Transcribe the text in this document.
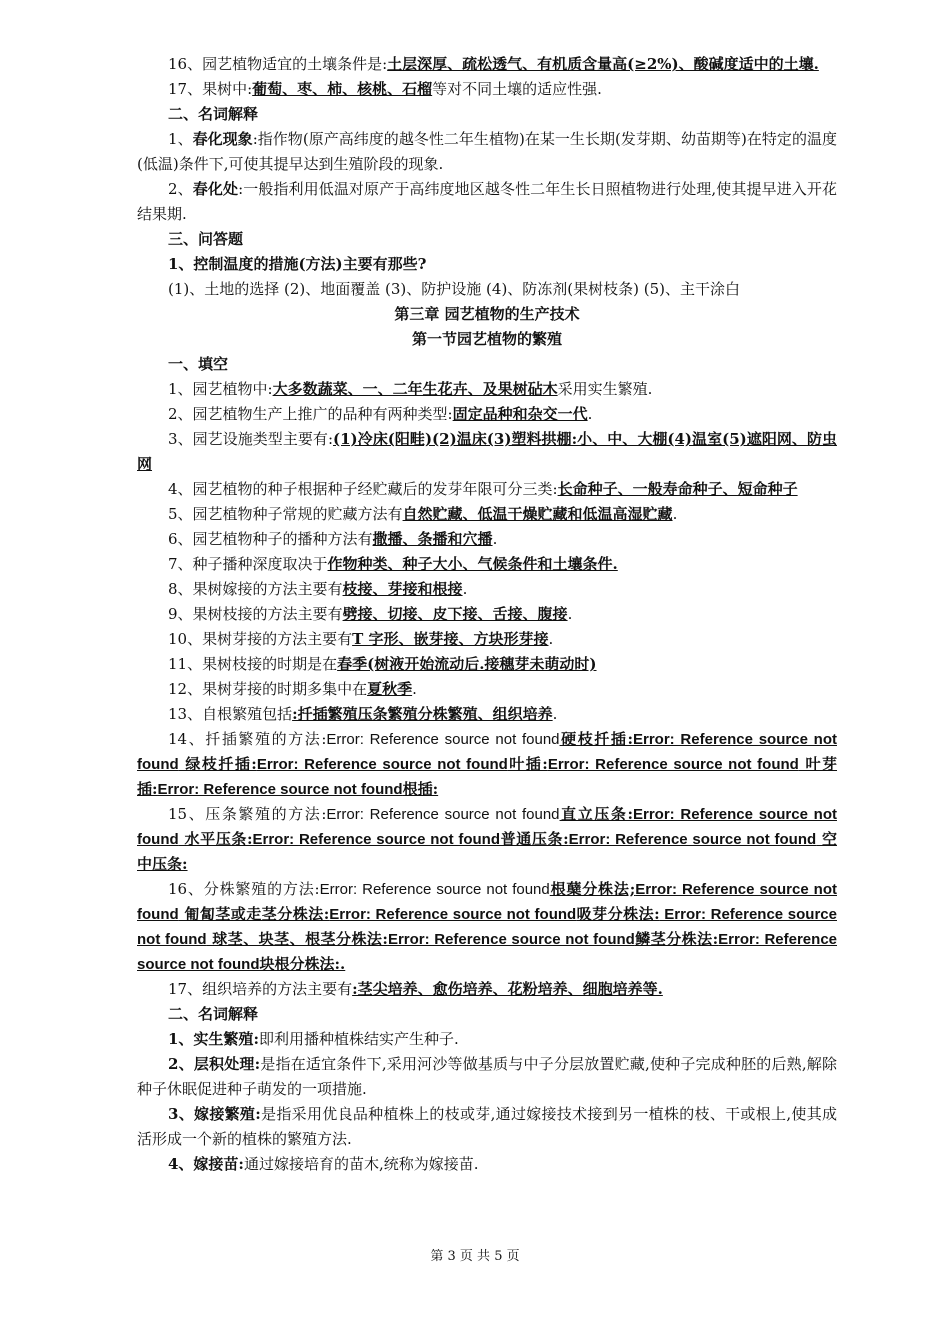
16、园艺植物适宜的土壤条件是:土层深厚、疏松透气、有机质含量高(≥2%)、酸碱度适中的土壤.

17、果树中:葡萄、枣、柿、核桃、石榴等对不同土壤的适应性强.

二、名词解释

1、春化现象:指作物(原产高纬度的越冬性二年生植物)在某一生长期(发芽期、幼苗期等)在特定的温度(低温)条件下,可使其提早达到生殖阶段的现象.

2、春化处:一般指利用低温对原产于高纬度地区越冬性二年生长日照植物进行处理,使其提早进入开花结果期.

三、问答题

1、控制温度的措施(方法)主要有那些?

(1)、土地的选择 (2)、地面覆盖 (3)、防护设施 (4)、防冻剂(果树枝条) (5)、主干涂白

第三章 园艺植物的生产技术

第一节园艺植物的繁殖

一、填空

1、园艺植物中:大多数蔬菜、一、二年生花卉、及果树砧木采用实生繁殖.

2、园艺植物生产上推广的品种有两种类型:固定品种和杂交一代.

3、园艺设施类型主要有:(1)冷床(阳畦)(2)温床(3)塑料拱棚:小、中、大棚(4)温室(5)遮阳网、防虫网

4、园艺植物的种子根据种子经贮藏后的发芽年限可分三类:长命种子、一般寿命种子、短命种子

5、园艺植物种子常规的贮藏方法有自然贮藏、低温干燥贮藏和低温高湿贮藏.

6、园艺植物种子的播种方法有撒播、条播和穴播.

7、种子播种深度取决于作物种类、种子大小、气候条件和土壤条件.

8、果树嫁接的方法主要有枝接、芽接和根接.

9、果树枝接的方法主要有劈接、切接、皮下接、舌接、腹接.

10、果树芽接的方法主要有T 字形、嵌芽接、方块形芽接.

11、果树枝接的时期是在春季(树液开始流动后.接穗芽未萌动时)

12、果树芽接的时期多集中在夏秋季.

13、自根繁殖包括:扦插繁殖压条繁殖分株繁殖、组织培养.

14、扦插繁殖的方法:Error: Reference source not found硬枝扦插:Error: Reference source not found 绿枝扦插:Error: Reference source not found叶插:Error: Reference source not found 叶芽插:Error: Reference source not found根插:

15、压条繁殖的方法:Error: Reference source not found直立压条:Error: Reference source not found 水平压条:Error: Reference source not found普通压条:Error: Reference source not found 空中压条:

16、分株繁殖的方法:Error: Reference source not found根蘖分株法;Error: Reference source not found 匍匐茎或走茎分株法:Error: Reference source not found吸芽分株法: Error: Reference source not found 球茎、块茎、根茎分株法:Error: Reference source not found鳞茎分株法:Error: Reference source not found块根分株法:.

17、组织培养的方法主要有:茎尖培养、愈伤培养、花粉培养、细胞培养等.

二、名词解释

1、实生繁殖:即利用播种植株结实产生种子.

2、层积处理:是指在适宜条件下,采用河沙等做基质与中子分层放置贮藏,使种子完成种胚的后熟,解除种子休眠促进种子萌发的一项措施.

3、嫁接繁殖:是指采用优良品种植株上的枝或芽,通过嫁接技术接到另一植株的枝、干或根上,使其成活形成一个新的植株的繁殖方法.

4、嫁接苗:通过嫁接培育的苗木,统称为嫁接苗.

第 3 页 共 5 页
